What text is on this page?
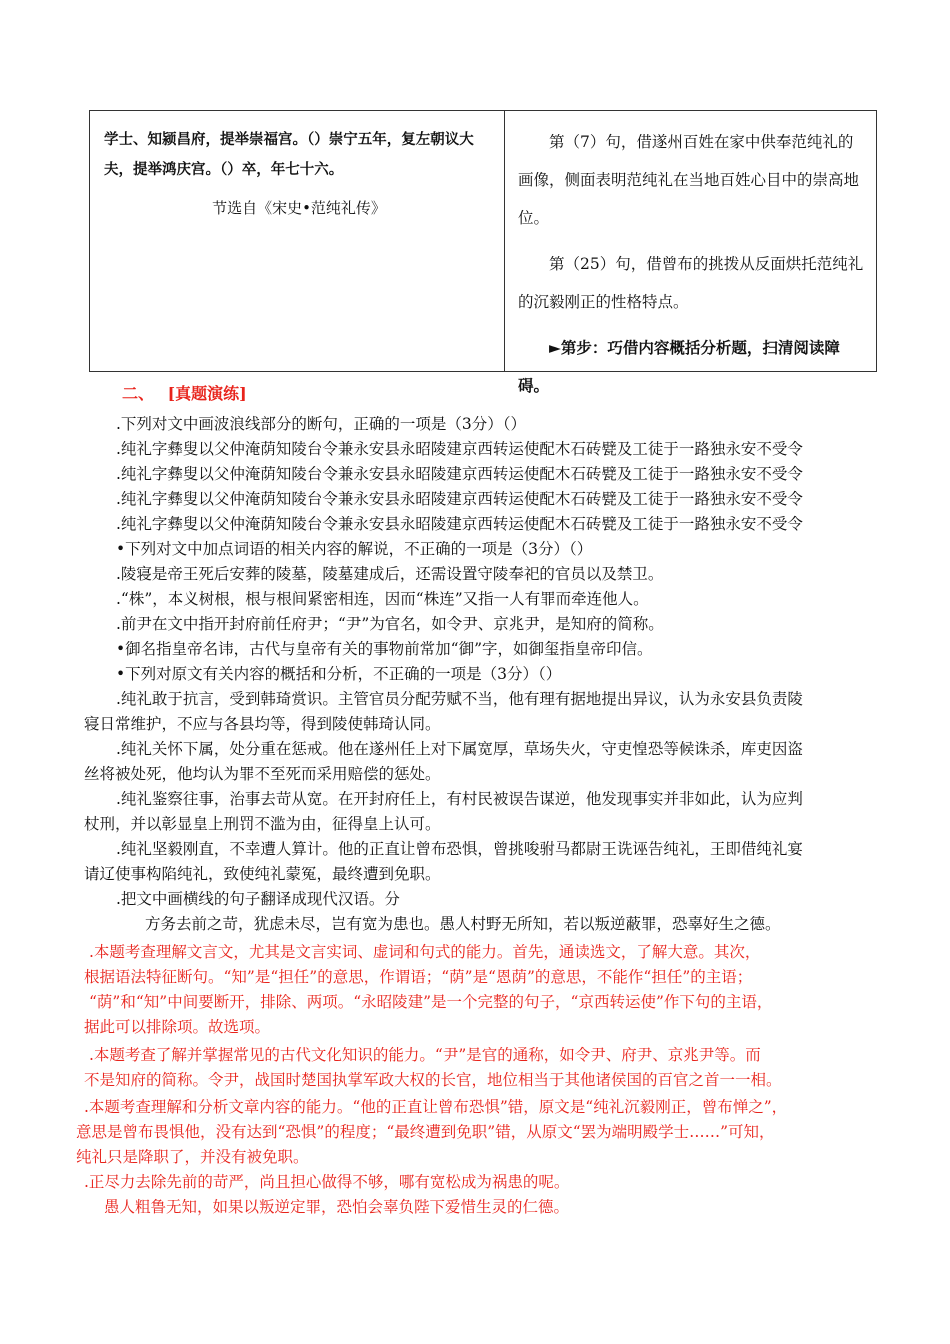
学士、知颍昌府，提举崇福宫。（）崇宁五年，复左朝议大

夫，提举鸿庆宫。（）卒，年七十六。

节选自《宋史•范纯礼传》

第（7）句，借遂州百姓在家中供奉范纯礼的画像，侧面表明范纯礼在当地百姓心目中的崇高地位。

第（25）句，借曾布的挑拨从反面烘托范纯礼的沉毅刚正的性格特点。

►第步：巧借内容概括分析题，扫清阅读障碍。

二、 [真题演练]
.下列对文中画波浪线部分的断句，正确的一项是（3分）（）
.纯礼字彝叟以父仲淹荫知陵台令兼永安县永昭陵建京西转运使配木石砖甓及工徒于一路独永安不受令
.纯礼字彝叟以父仲淹荫知陵台令兼永安县永昭陵建京西转运使配木石砖甓及工徒于一路独永安不受令
.纯礼字彝叟以父仲淹荫知陵台令兼永安县永昭陵建京西转运使配木石砖甓及工徒于一路独永安不受令
.纯礼字彝叟以父仲淹荫知陵台令兼永安县永昭陵建京西转运使配木石砖甓及工徒于一路独永安不受令
•下列对文中加点词语的相关内容的解说，不正确的一项是（3分）（）
.陵寝是帝王死后安葬的陵墓，陵墓建成后，还需设置守陵奉祀的官员以及禁卫。
.“株”，本义树根，根与根间紧密相连，因而“株连”又指一人有罪而牵连他人。
.前尹在文中指开封府前任府尹；“尹”为官名，如令尹、京兆尹，是知府的简称。
•御名指皇帝名讳，古代与皇帝有关的事物前常加“御”字，如御玺指皇帝印信。
•下列对原文有关内容的概括和分析，不正确的一项是（3分）（）
.纯礼敢于抗言，受到韩琦赏识。主管官员分配劳赋不当，他有理有据地提出异议，认为永安县负责陵
寝日常维护，不应与各县均等，得到陵使韩琦认同。
.纯礼关怀下属，处分重在惩戒。他在遂州任上对下属宽厚，草场失火，守吏惶恐等候诛杀，库吏因盗
丝将被处死，他均认为罪不至死而采用赔偿的惩处。
.纯礼鉴察往事，治事去苛从宽。在开封府任上，有村民被误告谋逆，他发现事实并非如此，认为应判
杖刑，并以彰显皇上刑罚不滥为由，征得皇上认可。
.纯礼坚毅刚直，不幸遭人算计。他的正直让曾布恐惧，曾挑唆驸马都尉王诜诬告纯礼，王即借纯礼宴
请辽使事构陷纯礼，致使纯礼蒙冤，最终遭到免职。
.把文中画横线的句子翻译成现代汉语。分
方务去前之苛，犹虑未尽，岂有宽为患也。愚人村野无所知，若以叛逆蔽罪，恐辜好生之德。
.本题考查理解文言文，尤其是文言实词、虚词和句式的能力。首先，通读选文，了解大意。其次，
根据语法特征断句。“知”是“担任”的意思，作谓语；“荫”是“恩荫”的意思，不能作“担任”的主语；
“荫”和“知”中间要断开，排除、两项。“永昭陵建”是一个完整的句子，“京西转运使”作下句的主语，
据此可以排除项。故选项。
.本题考查了解并掌握常见的古代文化知识的能力。“尹”是官的通称，如令尹、府尹、京兆尹等。而
不是知府的简称。令尹，战国时楚国执掌军政大权的长官，地位相当于其他诸侯国的百官之首一一相。
.本题考查理解和分析文章内容的能力。“他的正直让曾布恐惧”错，原文是“纯礼沉毅刚正，曾布惮之”，
意思是曾布畏惧他，没有达到“恐惧”的程度；“最终遭到免职”错，从原文“罢为端明殿学士……”可知，
纯礼只是降职了，并没有被免职。
.正尽力去除先前的苛严，尚且担心做得不够，哪有宽松成为祸患的呢。
愚人粗鲁无知，如果以叛逆定罪，恐怕会辜负陛下爱惜生灵的仁德。
